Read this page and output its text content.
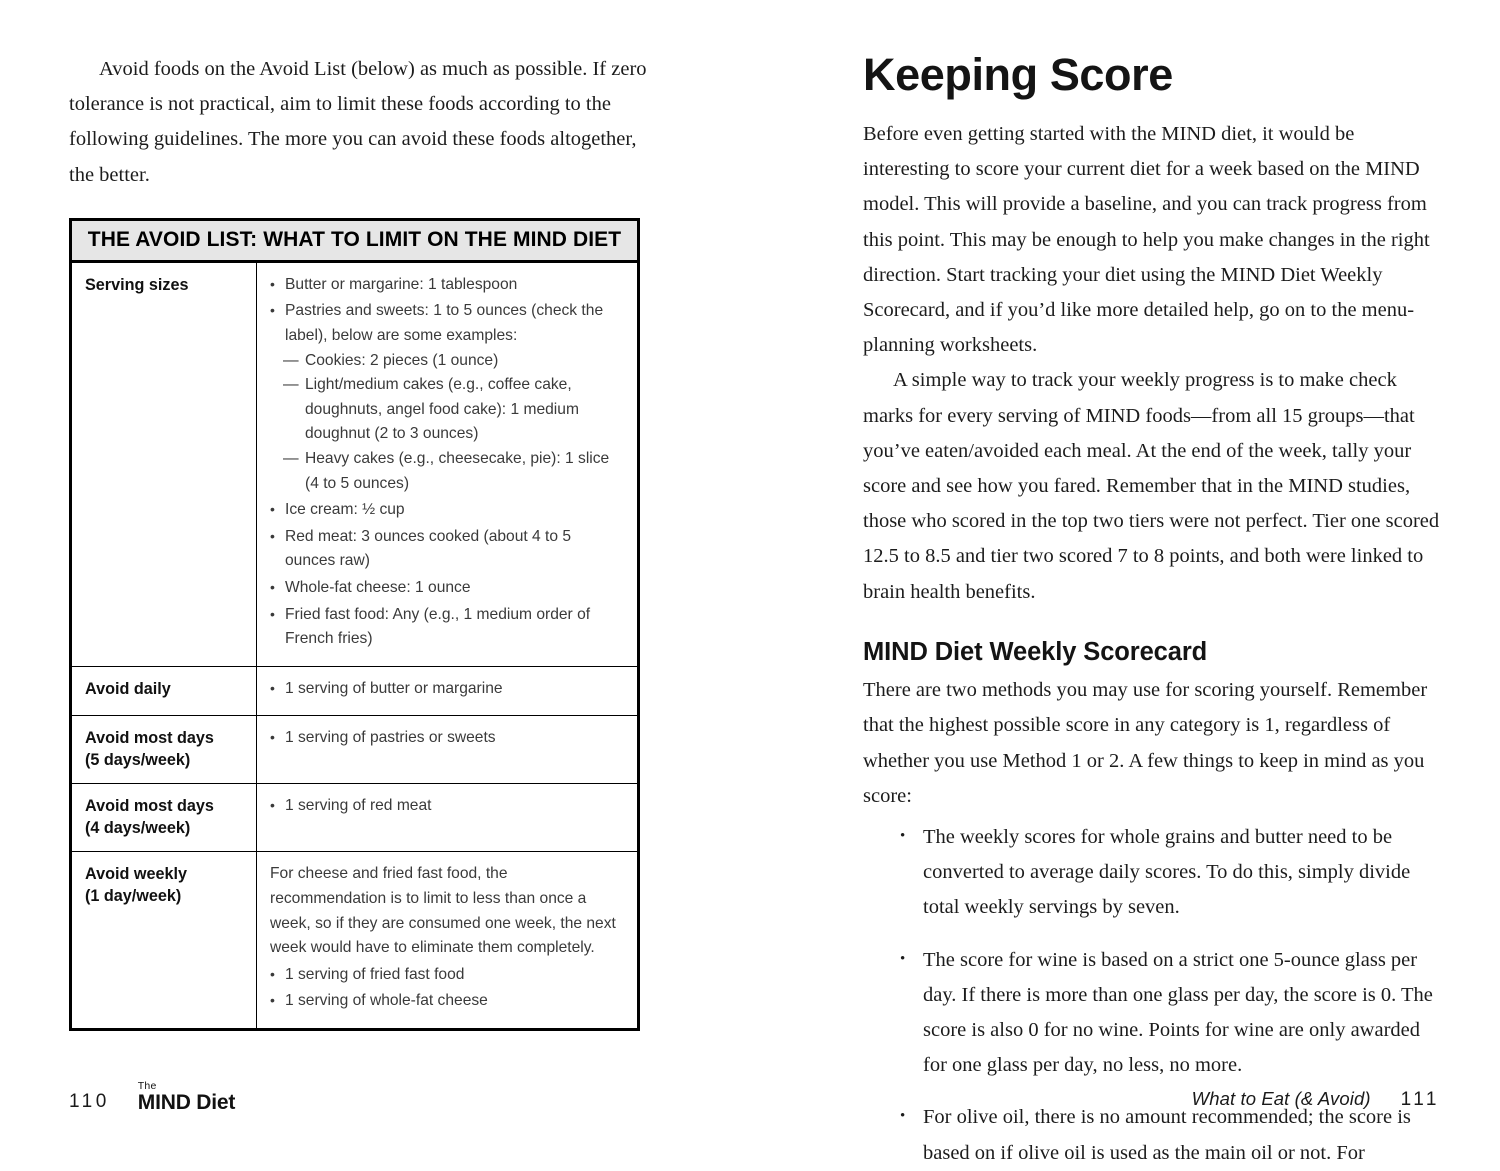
Avoid foods on the Avoid List (below) as much as possible. If zero tolerance is not practical, aim to limit these foods according to the following guidelines. The more you can avoid these foods altogether, the better.

THE AVOID LIST: WHAT TO LIMIT ON THE MIND DIET
Serving sizes	
•Butter or margarine: 1 tablespoon
• Pastries and sweets: 1 to 5 ounces (check the label), below are some examples:
— Cookies: 2 pieces (1 ounce)
— Light/medium cakes (e.g., coffee cake, doughnuts, angel food cake): 1 medium doughnut (2 to 3 ounces)
— Heavy cakes (e.g., cheesecake, pie): 1 slice (4 to 5 ounces)
• Ice cream: ½ cup
• Red meat: 3 ounces cooked (about 4 to 5 ounces raw)
• Whole-fat cheese: 1 ounce
• Fried fast food: Any (e.g., 1 medium order of French fries)

Avoid daily	
•1 serving of butter or margarine

Avoid most days
(5 days/week)	
• 1 serving of pastries or sweets

Avoid most days
(4 days/week)	
• 1 serving of red meat

Avoid weekly
(1 day/week)	

For cheese and fried fast food, the recommendation is to limit to less than once a week, so if they are consumed one week, the next week would have to eliminate them completely.

• 1 serving of fried fast food
• 1 serving of whole-fat cheese
110
The
MIND Diet
Keeping Score

Before even getting started with the MIND diet, it would be interesting to score your current diet for a week based on the MIND model. This will provide a baseline, and you can track progress from this point. This may be enough to help you make changes in the right direction. Start tracking your diet using the MIND Diet Weekly Scorecard, and if you’d like more detailed help, go on to the menu-planning worksheets.

A simple way to track your weekly progress is to make check marks for every serving of MIND foods—from all 15 groups—that you’ve eaten/avoided each meal. At the end of the week, tally your score and see how you fared. Remember that in the MIND studies, those who scored in the top two tiers were not perfect. Tier one scored 12.5 to 8.5 and tier two scored 7 to 8 points, and both were linked to brain health benefits.

MIND Diet Weekly Scorecard

There are two methods you may use for scoring yourself. Remember that the highest possible score in any category is 1, regardless of whether you use Method 1 or 2. A few things to keep in mind as you score:

• The weekly scores for whole grains and butter need to be converted to average daily scores. To do this, simply divide total weekly servings by seven.
• The score for wine is based on a strict one 5-ounce glass per day. If there is more than one glass per day, the score is 0. The score is also 0 for no wine. Points for wine are only awarded for one glass per day, no less, no more.
• For olive oil, there is no amount recommended; the score is based on if olive oil is used as the main oil or not. For
What to Eat (& Avoid) 111
